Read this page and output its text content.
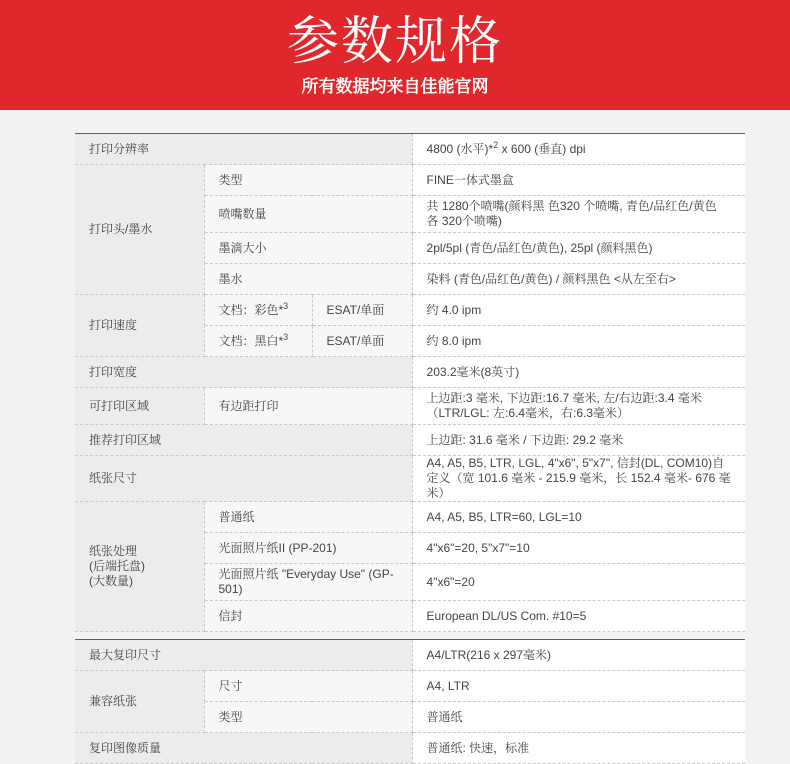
参数规格
所有数据均来自佳能官网
打印分辨率			4800 (水平)*$^2$ x 600 (垂直) dpi
打印头/墨水	类型		FINE一体式墨盒
	喷嘴数量		共 1280个喷嘴(颜料黑 色320 个喷嘴, 青色/品红色/黄色 各 320个喷嘴)
	墨滴大小		2pl/5pl (青色/品红色/黄色), 25pl (颜料黑色)
	墨水		染料 (青色/品红色/黄色) / 颜料黑色 <从左至右>
打印速度	文档：彩色*$^3$	ESAT/单面	约 4.0 ipm
	文档：黑白*$^3$	ESAT/单面	约 8.0 ipm
打印宽度			203.2毫米(8英寸)
可打印区域	有边距打印		上边距:3 毫米, 下边距:16.7 毫米, 左/右边距:3.4 毫米（LTR/LGL: 左:6.4毫米，右:6.3毫米）
推荐打印区域			上边距: 31.6 毫米 / 下边距: 29.2 毫米
纸张尺寸			A4, A5, B5, LTR, LGL, 4"x6", 5"x7", 信封(DL, COM10)自定义（宽 101.6 毫米 - 215.9 毫米，长 152.4 毫米- 676 毫米）
纸张处理
(后端托盘)
(大数量)	普通纸		A4, A5, B5, LTR=60, LGL=10
	光面照片纸II (PP-201)		4"x6"=20, 5"x7"=10
	光面照片纸 "Everyday Use" (GP-501)		4"x6"=20
	信封		European DL/US Com. #10=5

最大复印尺寸			A4/LTR(216 x 297毫米)
兼容纸张	尺寸		A4, LTR
	类型		普通纸
复印图像质量			普通纸: 快速，标准
